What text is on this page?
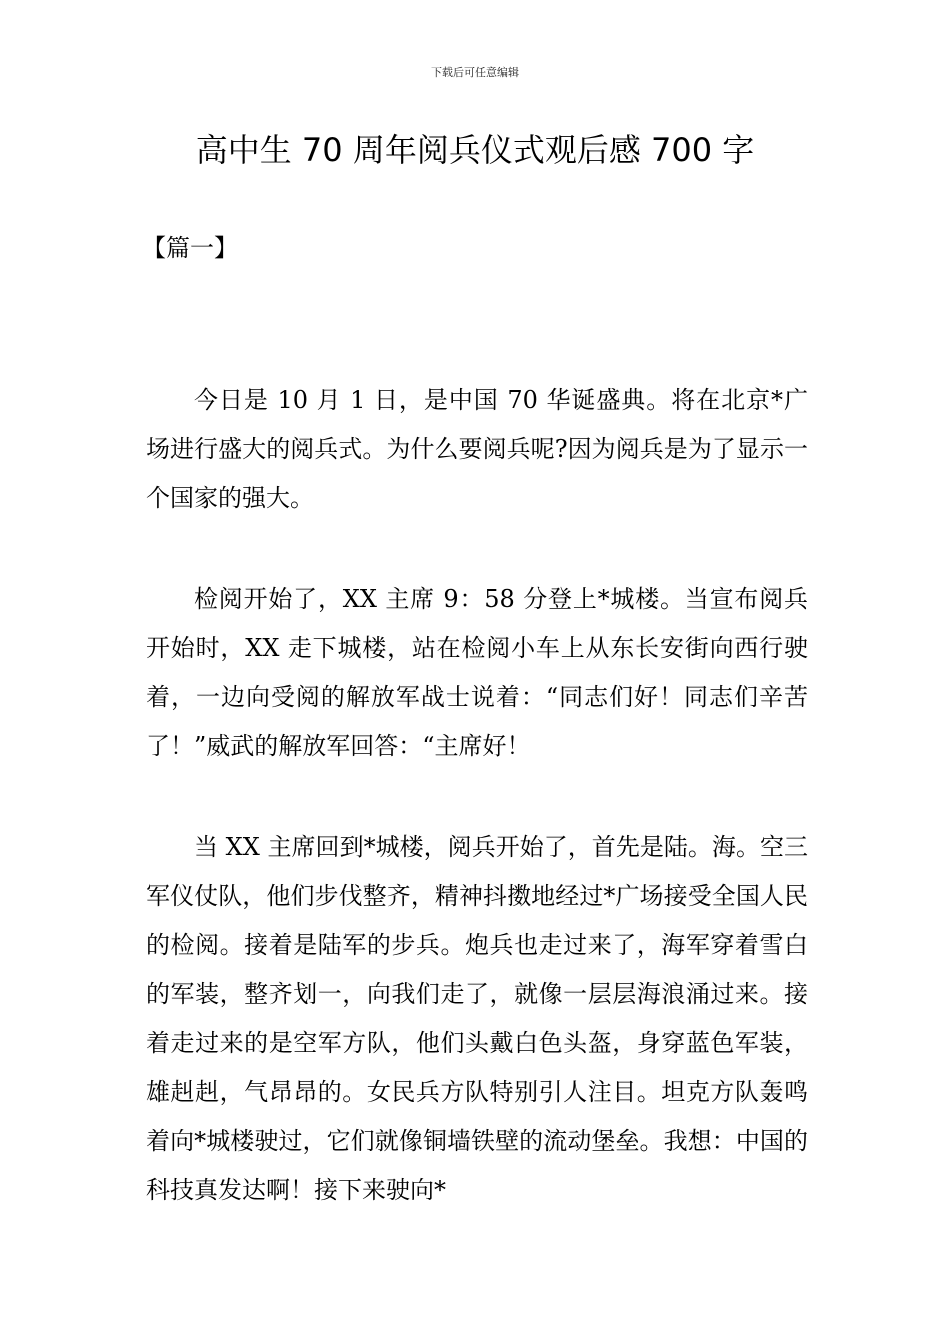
下载后可任意编辑
高中生 70 周年阅兵仪式观后感 700 字
【篇一】

今日是 10 月 1 日，是中国 70 华诞盛典。将在北京*广场进行盛大的阅兵式。为什么要阅兵呢?因为阅兵是为了显示一个国家的强大。

检阅开始了，XX 主席 9：58 分登上*城楼。当宣布阅兵开始时，XX 走下城楼，站在检阅小车上从东长安街向西行驶着，一边向受阅的解放军战士说着：“同志们好！同志们辛苦了！”威武的解放军回答：“主席好！

当 XX 主席回到*城楼，阅兵开始了，首先是陆。海。空三军仪仗队，他们步伐整齐，精神抖擞地经过*广场接受全国人民的检阅。接着是陆军的步兵。炮兵也走过来了，海军穿着雪白的军装，整齐划一，向我们走了，就像一层层海浪涌过来。接着走过来的是空军方队，他们头戴白色头盔，身穿蓝色军装，雄赳赳，气昂昂的。女民兵方队特别引人注目。坦克方队轰鸣着向*城楼驶过，它们就像铜墙铁壁的流动堡垒。我想：中国的科技真发达啊！接下来驶向*
